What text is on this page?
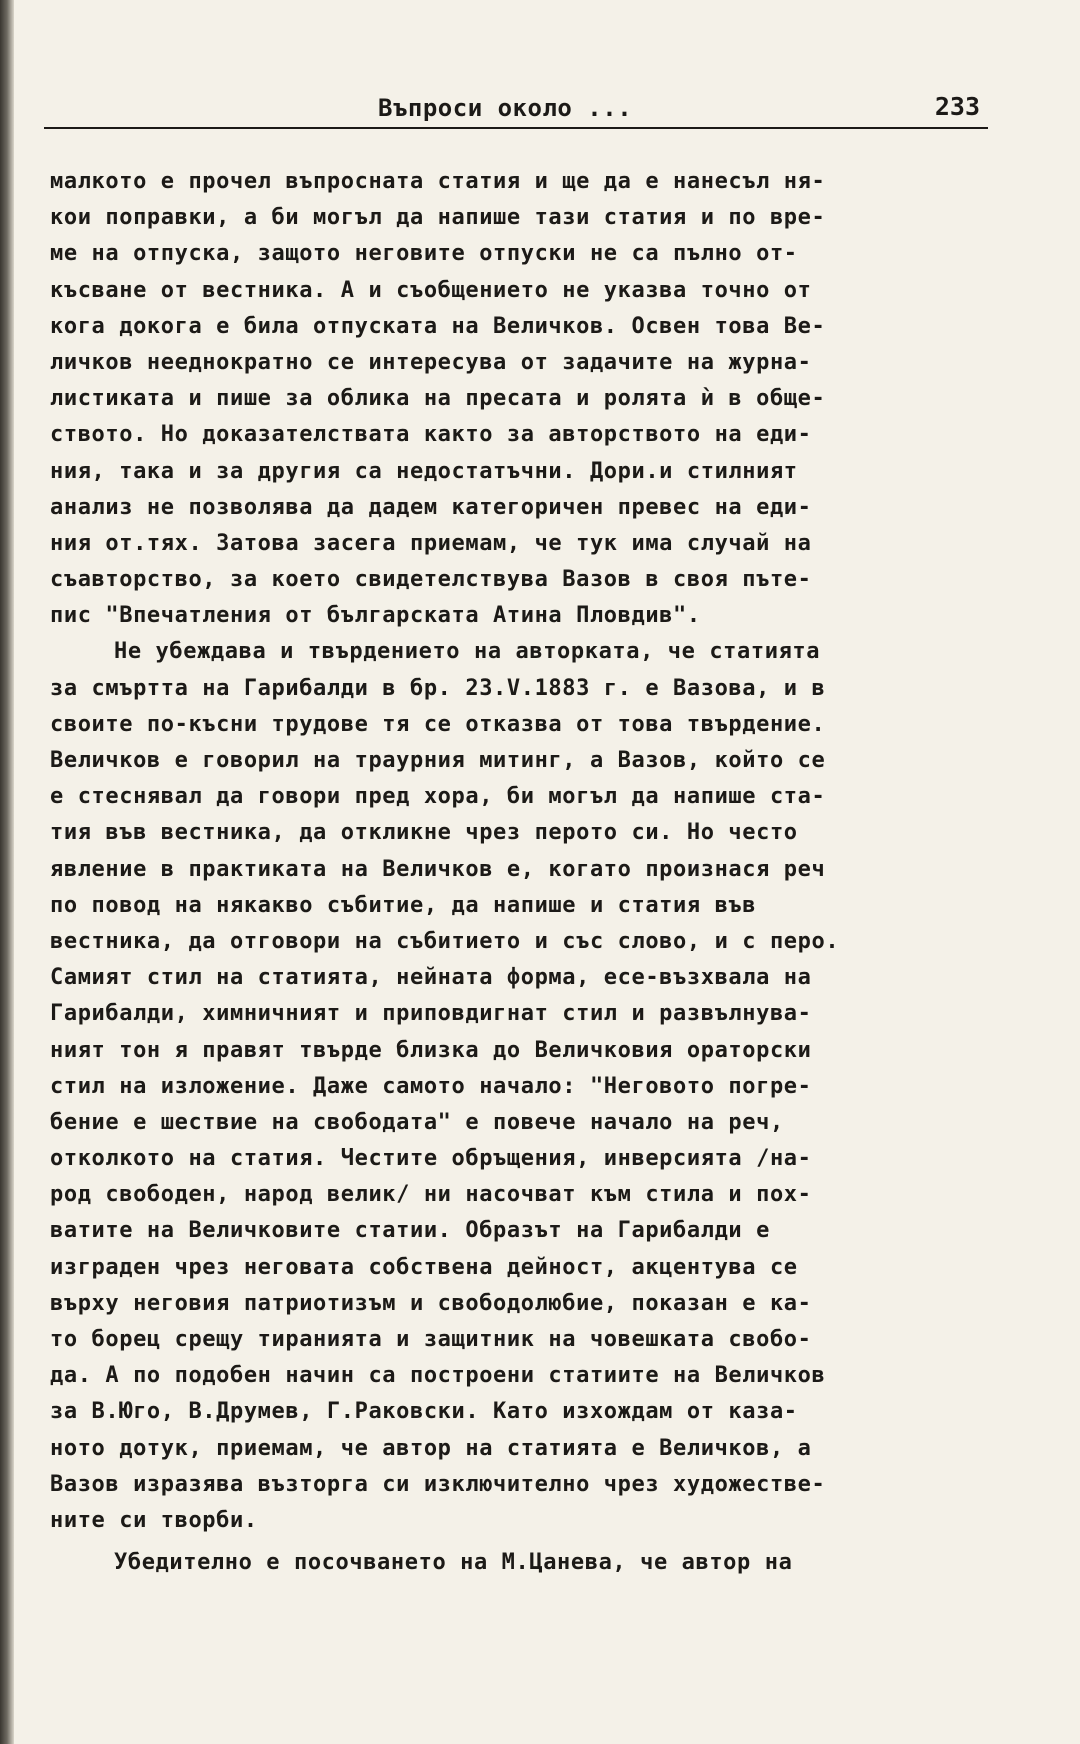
Въпроси около ...	233
малкото е прочел въпросната статия и ще да е нанесъл ня-
кои поправки, а би могъл да напише тази статия и по вре-
ме на отпуска, защото неговите отпуски не са пълно от-
късване от вестника. А и съобщението не указва точно от
кога докога е била отпуската на Величков. Освен това Ве-
личков нееднократно се интересува от задачите на журна-
листиката и пише за облика на пресата и ролята ѝ в обще-
ството. Но доказателствата както за авторството на еди-
ния, така и за другия са недостатъчни. Дори.и стилният
анализ не позволява да дадем категоричен превес на еди-
ния от.тях. Затова засега приемам, че тук има случай на
съавторство, за което свидетелствува Вазов в своя пъте-
пис "Впечатления от българската Атина Пловдив".
Не убеждава и твърдението на авторката, че статията
за смъртта на Гарибалди в бр. 23.V.1883 г. е Вазова, и в
своите по-късни трудове тя се отказва от това твърдение.
Величков е говорил на траурния митинг, а Вазов, който се
е стеснявал да говори пред хора, би могъл да напише ста-
тия във вестника, да откликне чрез перото си. Но често
явление в практиката на Величков е, когато произнася реч
по повод на някакво събитие, да напише и статия във
вестника, да отговори на събитието и със слово, и с перо.
Самият стил на статията, нейната форма, есе-възхвала на
Гарибалди, химничният и приповдигнат стил и развълнува-
ният тон я правят твърде близка до Величковия ораторски
стил на изложение. Даже самото начало: "Неговото погре-
бение е шествие на свободата" е повече начало на реч,
отколкото на статия. Честите обръщения, инверсията /на-
род свободен, народ велик/ ни насочват към стила и пох-
ватите на Величковите статии. Образът на Гарибалди е
изграден чрез неговата собствена дейност, акцентува се
върху неговия патриотизъм и свободолюбие, показан е ка-
то борец срещу тиранията и защитник на човешката свобо-
да. А по подобен начин са построени статиите на Величков
за В.Юго, В.Друмев, Г.Раковски. Като изхождам от каза-
ното дотук, приемам, че автор на статията е Величков, а
Вазов изразява възторга си изключително чрез художестве-
ните си творби.
Убедително е посочването на М.Цанева, че автор на
